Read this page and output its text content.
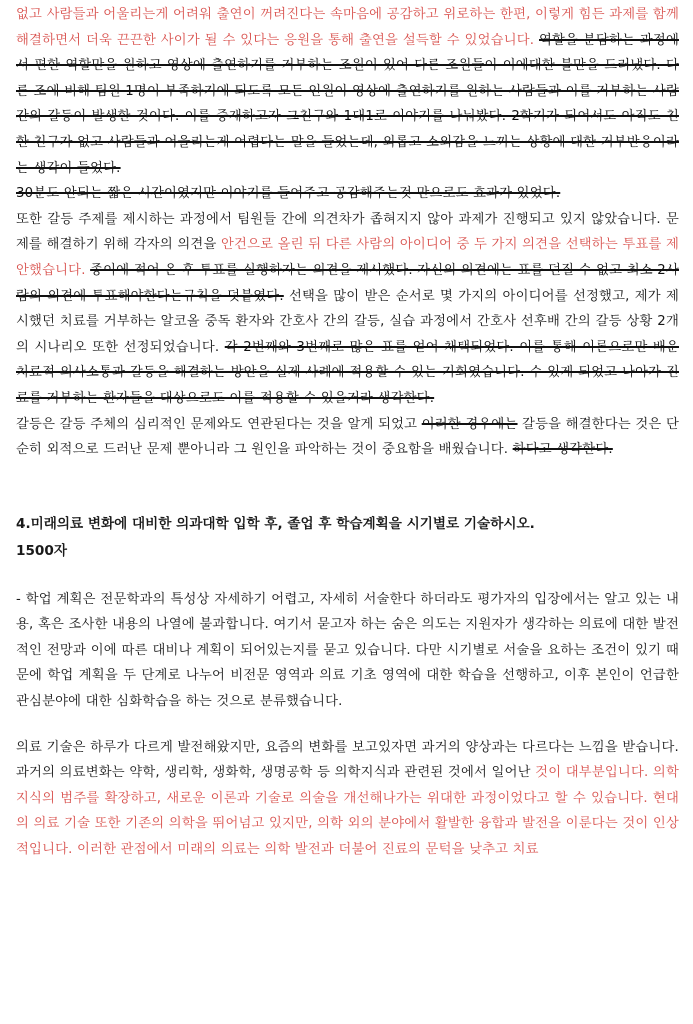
없고 사람들과 어울리는게 어려워 출연이 꺼려진다는 속마음에 공감하고 위로하는 한편, 이렇게 힘든 과제를 함께 해결하면서 더욱 끈끈한 사이가 될 수 있다는 응원을 통해 출연을 설득할 수 있었습니다. 역할을 분담하는 과정에서 편한 역할만을 원하고 영상에 출연하기를 거부하는 조원이 있어 다른 조원들이 이에대한 불만을 드러냈다. 다른 조에 비해 팀원 1명이 부족하기에 되도록 모든 인원이 영상에 출연하기를 원하는 사람들과 이를 거부하는 사람간의 갈등이 발생한 것이다. 이를 중재하고자 그친구와 1대1로 이야기를 나눠봤다. 2학기가 되어서도 아직도 친한 친구가 없고 사람들과 어울리는게 어렵다는 말을 들었는데, 외롭고 소외감을 느끼는 상황에 대한 거부반응이라는 생각이 들었다.

30분도 안되는 짧은 시간이였지만 이야기를 들어주고 공감해주는것 만으로도 효과가 있었다.

또한 갈등 주제를 제시하는 과정에서 팀원들 간에 의견차가 좁혀지지 않아 과제가 진행되고 있지 않았습니다. 문제를 해결하기 위해 각자의 의견을 안건으로 올린 뒤 다른 사람의 아이디어 중 두 가지 의견을 선택하는 투표를 제안했습니다. 종이에 적어 온 후 투표를 실행하자는 의견을 제시했다. 자신의 의견에는 표를 던질 수 없고 최소 2사람의 의견에 투표해야한다는규칙을 덧붙였다. 선택을 많이 받은 순서로 몇 가지의 아이디어를 선정했고, 제가 제시했던 치료를 거부하는 알코올 중독 환자와 간호사 간의 갈등, 실습 과정에서 간호사 선후배 간의 갈등 상황 2개의 시나리오 또한 선정되었습니다. 각 2번째와 3번째로 많은 표를 얻어 채택되었다. 이를 통해 이론으로만 배운 치료적 의사소통과 갈등을 해결하는 방안을 실제 사례에 적용할 수 있는 기회였습니다. 수 있게 되었고 나아가 진료를 거부하는 환자들을 대상으로도 이를 적용할 수 있을거라 생각한다.

갈등은 갈등 주체의 심리적인 문제와도 연관된다는 것을 알게 되었고 이러한 경우에는 갈등을 해결한다는 것은 단순히 외적으로 드러난 문제 뿐아니라 그 원인을 파악하는 것이 중요함을 배웠습니다. 하다고 생각한다.

4.미래의료 변화에 대비한 의과대학 입학 후, 졸업 후 학습계획을 시기별로 기술하시오.

1500자

- 학업 계획은 전문학과의 특성상 자세하기 어렵고, 자세히 서술한다 하더라도 평가자의 입장에서는 알고 있는 내용, 혹은 조사한 내용의 나열에 불과합니다. 여기서 묻고자 하는 숨은 의도는 지원자가 생각하는 의료에 대한 발전적인 전망과 이에 따른 대비나 계획이 되어있는지를 묻고 있습니다. 다만 시기별로 서술을 요하는 조건이 있기 때문에 학업 계획을 두 단계로 나누어 비전문 영역과 의료 기초 영역에 대한 학습을 선행하고, 이후 본인이 언급한 관심분야에 대한 심화학습을 하는 것으로 분류했습니다.

의료 기술은 하루가 다르게 발전해왔지만, 요즘의 변화를 보고있자면 과거의 양상과는 다르다는 느낌을 받습니다. 과거의 의료변화는 약학, 생리학, 생화학, 생명공학 등 의학지식과 관련된 것에서 일어난 것이 대부분입니다. 의학 지식의 범주를 확장하고, 새로운 이론과 기술로 의술을 개선해나가는 위대한 과정이었다고 할 수 있습니다. 현대의 의료 기술 또한 기존의 의학을 뛰어넘고 있지만, 의학 외의 분야에서 활발한 융합과 발전을 이룬다는 것이 인상적입니다. 이러한 관점에서 미래의 의료는 의학 발전과 더불어 진료의 문턱을 낮추고 치료
